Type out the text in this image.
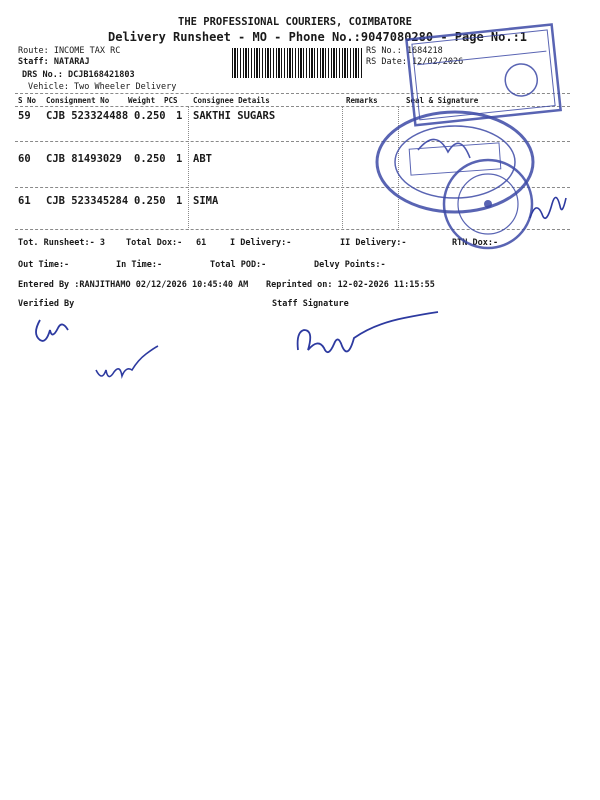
THE PROFESSIONAL COURIERS, COIMBATORE
Delivery Runsheet - MO - Phone No.:9047080280 - Page No.:1
Route: INCOME TAX RC
Staff: NATARAJ
DRS No.: DCJB168421803
Vehicle: Two Wheeler Delivery
RS No.: 1684218
RS Date: 12/02/2026
S No Consignment No	Weight PCS Consignee Details	Remarks	Seal & Signature
59 CJB 523324488 0.250 1 SAKTHI SUGARS
60 CJB 81493029 0.250 1 ABT
61 CJB 523345284 0.250 1 SIMA
Tot. Runsheet:- 3 Total Dox:- 61	I Delivery:-	II Delivery:-	RTN Dox:-
Out Time:-	In Time:-	Total POD:-	Delvy Points:-
Entered By :RANJITHAMO 02/12/2026 10:45:40 AM Reprinted on: 12-02-2026 11:15:55
Verified By	Staff Signature
